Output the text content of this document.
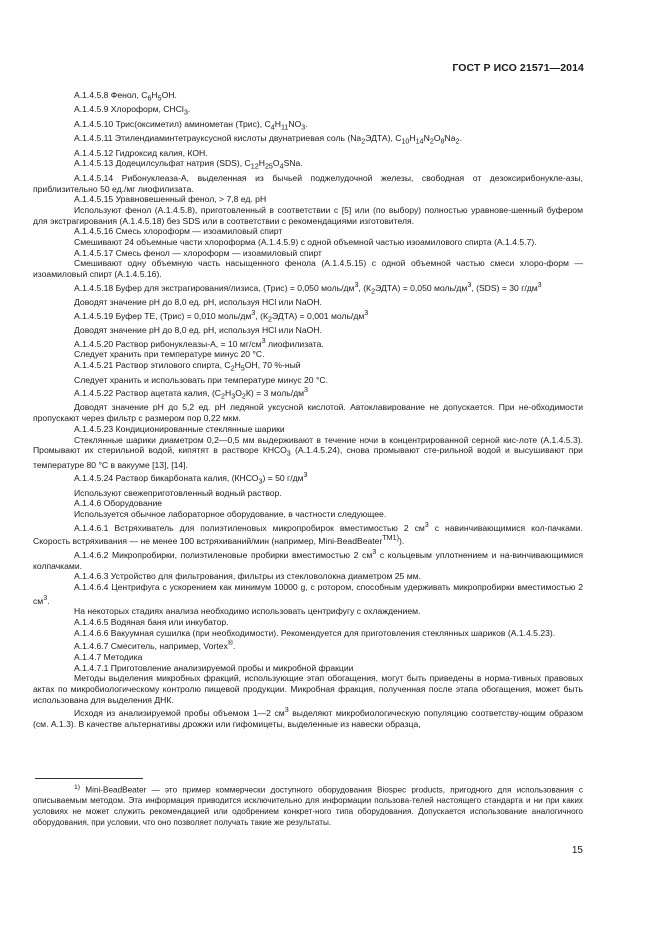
ГОСТ Р ИСО 21571—2014

А.1.4.5.8 Фенол, $С_6Н_5ОН$.

А.1.4.5.9 Хлороформ, СНCl$_3$.

А.1.4.5.10 Трис(оксиметил) аминометан (Трис), $С_4Н_{11}NO_3$.

А.1.4.5.11 Этилендиаминтетрауксусной кислоты двунатриевая соль $(Na_2ЭДТА)$, $С_{10}Н_{14}N_2O_8Na_2$.

А.1.4.5.12 Гидроксид калия, КОН.

А.1.4.5.13 Додецилсульфат натрия (SDS), $С_{12}Н_{25}O_4SNa$.

А.1.4.5.14 Рибонуклеаза-А, выделенная из бычьей поджелудочной железы, свободная от дезоксирибонукле-азы, приблизительно 50 ед./мг лиофилизата.

А.1.4.5.15 Уравновешенный фенол, > 7,8 ед. рН

Используют фенол (А.1.4.5.8), приготовленный в соответствии с [5] или (по выбору) полностью уравнове-шенный буфером для экстрагирования (А.1.4.5.18) без SDS или в соответствии с рекомендациями изготовителя.

А.1.4.5.16 Смесь хлороформ — изоамиловый спирт

Смешивают 24 объемные части хлороформа (А.1.4.5.9) с одной объемной частью изоамилового спирта (А.1.4.5.7).

А.1.4.5.17 Смесь фенол — хлороформ — изоамиловый спирт

Смешивают одну объемную часть насыщенного фенола (А.1.4.5.15) с одной объемной частью смеси хлоро-форм — изоамиловый спирт (А.1.4.5.16).

А.1.4.5.18 Буфер для экстрагирования/лизиса, (Трис) = 0,050 моль/$дм^3$, $(К_2ЭДТА) = 0,050$ моль/$дм^3$, (SDS) = 30 $г/дм^3$

Доводят значение рН до 8,0 ед. рН, используя НCl или NaOH.

А.1.4.5.19 Буфер ТЕ, (Трис) = 0,010 моль/$дм^3$, $(К_2ЭДТА) = 0,001$ моль/$дм^3$

Доводят значение рН до 8,0 ед. рН, используя НCl или NaOH.

А.1.4.5.20 Раствор рибонуклеазы-А, = 10 $мг/см^3$ лиофилизата.

Следует хранить при температуре минус 20 °С.

А.1.4.5.21 Раствор этилового спирта, $С_2Н_5ОН$, 70 %-ный

Следует хранить и использовать при температуре минус 20 °С.

А.1.4.5.22 Раствор ацетата калия, $(С_2Н_3O_2К) = 3$ моль/$дм^3$

Доводят значение рН до 5,2 ед. рН ледяной уксусной кислотой. Автоклавирование не допускается. При не-обходимости пропускают через фильтр с размером пор 0,22 мкм.

А.1.4.5.23 Кондиционированные стеклянные шарики

Стеклянные шарики диаметром 0,2—0,5 мм выдерживают в течение ночи в концентрированной серной кис-лоте (А.1.4.5.3). Промывают их стерильной водой, кипятят в растворе $КНСО_3$ (А.1.4.5.24), снова промывают сте-рильной водой и высушивают при температуре 80 °С в вакууме [13], [14].

А.1.4.5.24 Раствор бикарбоната калия, $(КНСО_3) = 50$ $г/дм^3$

Используют свежеприготовленный водный раствор.

А.1.4.6 Оборудование

Используется обычное лабораторное оборудование, в частности следующее.

А.1.4.6.1 Встряхиватель для полиэтиленовых микропробирок вместимостью 2 $см^3$ с навинчивающимися кол-пачками. Скорость встряхивания — не менее 100 встряхиваний/мин (например, Mini-BeadBeater$^{TM1)}$).

А.1.4.6.2 Микропробирки, полиэтиленовые пробирки вместимостью 2 $см^3$ с кольцевым уплотнением и на-винчивающимися колпачками.

А.1.4.6.3 Устройство для фильтрования, фильтры из стекловолокна диаметром 25 мм.

А.1.4.6.4 Центрифуга с ускорением как минимум 10000 g, с ротором, способным удерживать микропробирки вместимостью 2 $см^3$.

На некоторых стадиях анализа необходимо использовать центрифугу с охлаждением.

А.1.4.6.5 Водяная баня или инкубатор.

А.1.4.6.6 Вакуумная сушилка (при необходимости). Рекомендуется для приготовления стеклянных шариков (А.1.4.5.23).

А.1.4.6.7 Смеситель, например, Vortex®.

А.1.4.7 Методика

А.1.4.7.1 Приготовление анализируемой пробы и микробной фракции

Методы выделения микробных фракций, использующие этап обогащения, могут быть приведены в норма-тивных правовых актах по микробиологическому контролю пищевой продукции. Микробная фракция, полученная после этапа обогащения, может быть использована для выделения ДНК.

Исходя из анализируемой пробы объемом 1—2 $см^3$ выделяют микробиологическую популяцию соответству-ющим образом (см. А.1.3). В качестве альтернативы дрожжи или гифомицеты, выделенные из навески образца,

$^{1)}$ Mini-BeadBeater — это пример коммерчески доступного оборудования Biospec products, пригодного для использования с описываемым методом. Эта информация приводится исключительно для информации пользова-телей настоящего стандарта и ни при каких условиях не может служить рекомендацией или одобрением конкрет-ного типа оборудования. Допускается использование аналогичного оборудования, при условии, что оно позволяет получать такие же результаты.
15
